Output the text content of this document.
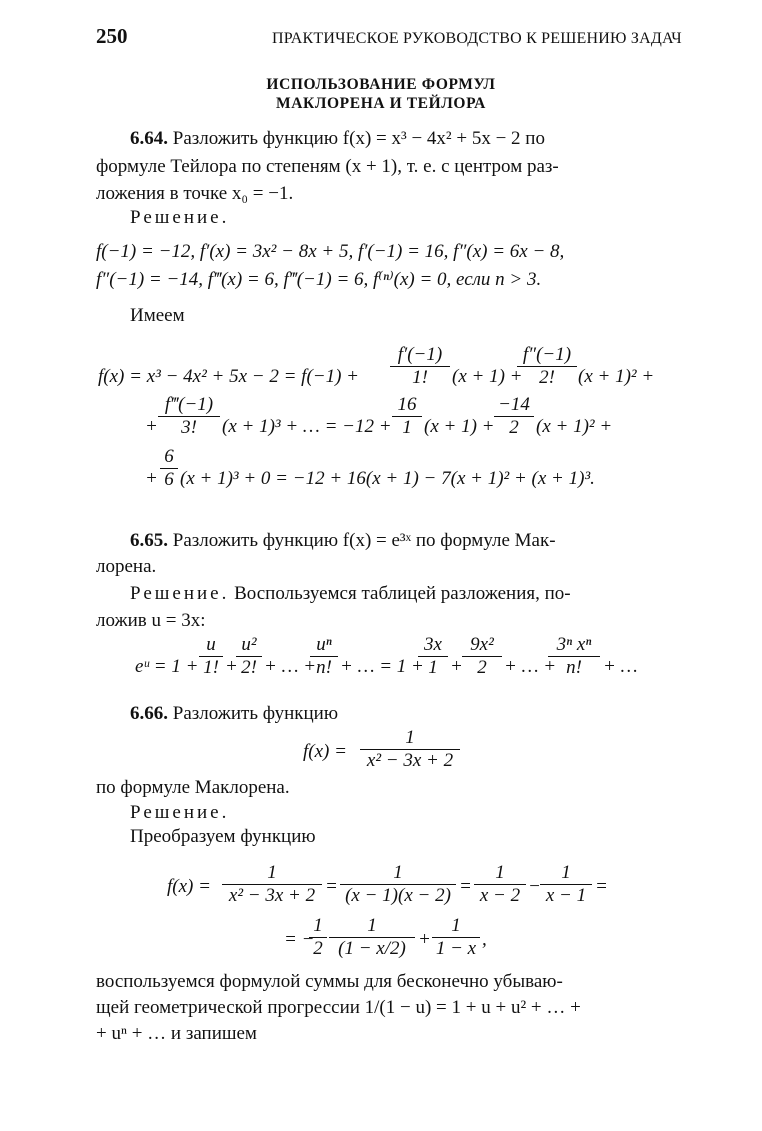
250	ПРАКТИЧЕСКОЕ РУКОВОДСТВО К РЕШЕНИЮ ЗАДАЧ
ИСПОЛЬЗОВАНИЕ ФОРМУЛ
МАКЛОРЕНА И ТЕЙЛОРА
6.64. Разложить функцию f(x) = x³ − 4x² + 5x − 2 по
формуле Тейлора по степеням (x + 1), т. е. с центром раз-
ложения в точке x₀ = −1.
Решение.
f(−1) = −12, f′(x) = 3x² − 8x + 5, f′(−1) = 16, f″(x) = 6x − 8,
f″(−1) = −14, f‴(x) = 6, f‴(−1) = 6, f⁽ⁿ⁾(x) = 0, если n > 3.
Имеем
$f(x) = x^3 - 4x^2 + 5x - 2 = f(-1) + \frac{f'(-1)}{1!} (x + 1)$ +
$\frac{f''(-1)}{2!} (x + 1)^2$ +
+ $\frac{f‴(-1)}{3!} (x + 1)^3$ + … = $-12 + \frac{16}{1} (x + 1) + \frac{-14}{2} (x + 1)^2$ +
+ $\frac{6}{6} (x + 1)^3 + 0 = -12 + 16(x + 1) - 7(x + 1)^2 + (x + 1)^3$.
6.65. Разложить функцию f(x) = e³ˣ по формуле Мак-
лорена.
Решение. Воспользуемся таблицей разложения, по-
ложив u = 3x:
eᵘ = $1 + \frac{u}{1!}$ +
$\frac{\text{u²}}{2!}$ + … +
$\frac{\text{uⁿ}}{n!}$ + … = 1 +
$\frac{3x}{1} + \frac{\text{9x²}}{2}$ + … +
$\frac{\text{3ⁿ xⁿ}}{n!}$ + …
6.66. Разложить функцию
$f(x) = \frac{1}{\text{x² − 3x + 2}}$
по формуле Маклорена.
Решение.
Преобразуем функцию
$f(x) = \frac{1}{\text{x² − 3x + 2}} = \frac{1}{(x - 1)(x - 2)} = \frac{1}{x - 2} - \frac{1}{x - 1}$ =
= −
$\frac{1}{2} \frac{1}{(1 - x/2)} + \frac{1}{1 - x}$ ,
воспользуемся формулой суммы для бесконечно убываю-
щей геометрической прогрессии 1/(1 − u) = 1 + u + u² + … +
+ uⁿ + … и запишем
